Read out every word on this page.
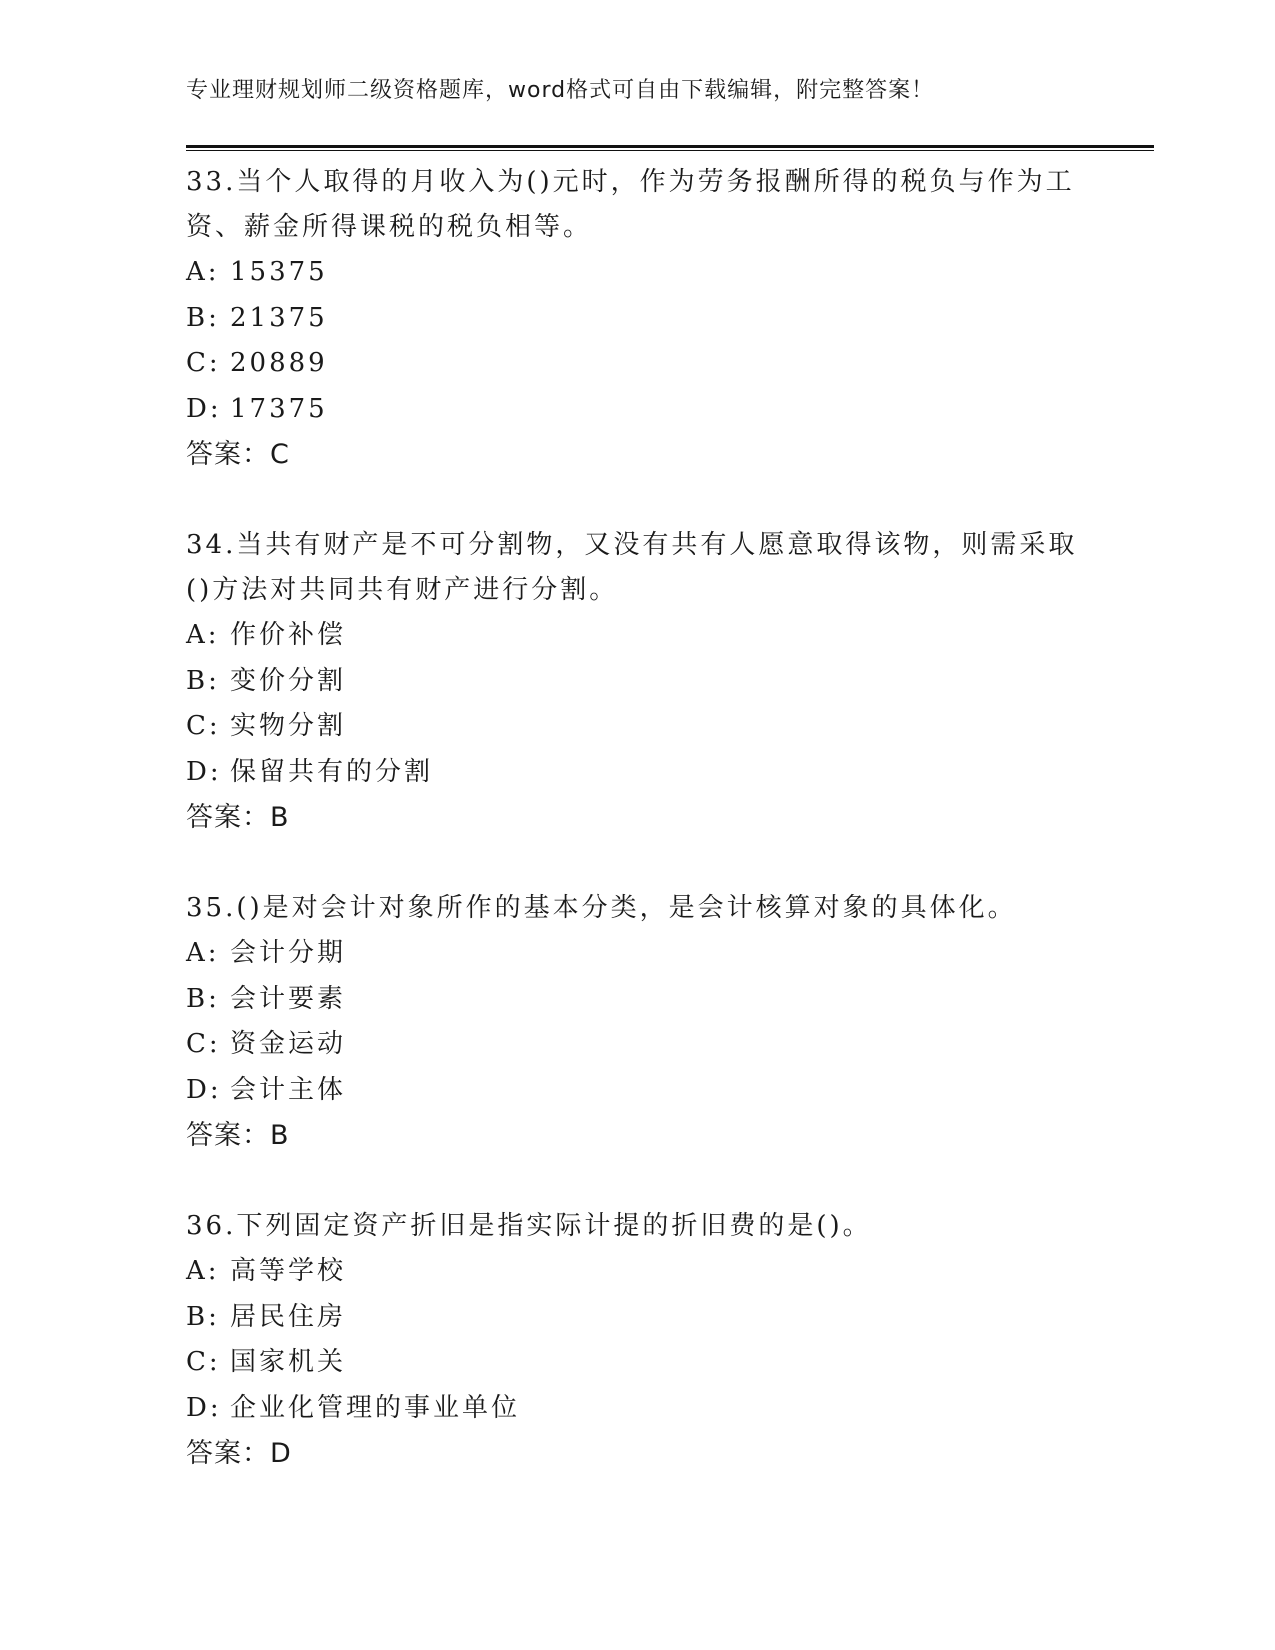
专业理财规划师二级资格题库，word格式可自由下载编辑，附完整答案！

33.当个人取得的月收入为()元时，作为劳务报酬所得的税负与作为工资、薪金所得课税的税负相等。

A: 15375
B: 21375
C: 20889
D: 17375
答案：C

34.当共有财产是不可分割物，又没有共有人愿意取得该物，则需采取()方法对共同共有财产进行分割。

A: 作价补偿
B: 变价分割
C: 实物分割
D: 保留共有的分割
答案：B

35.()是对会计对象所作的基本分类，是会计核算对象的具体化。

A: 会计分期
B: 会计要素
C: 资金运动
D: 会计主体
答案：B

36.下列固定资产折旧是指实际计提的折旧费的是()。

A: 高等学校
B: 居民住房
C: 国家机关
D: 企业化管理的事业单位
答案：D
